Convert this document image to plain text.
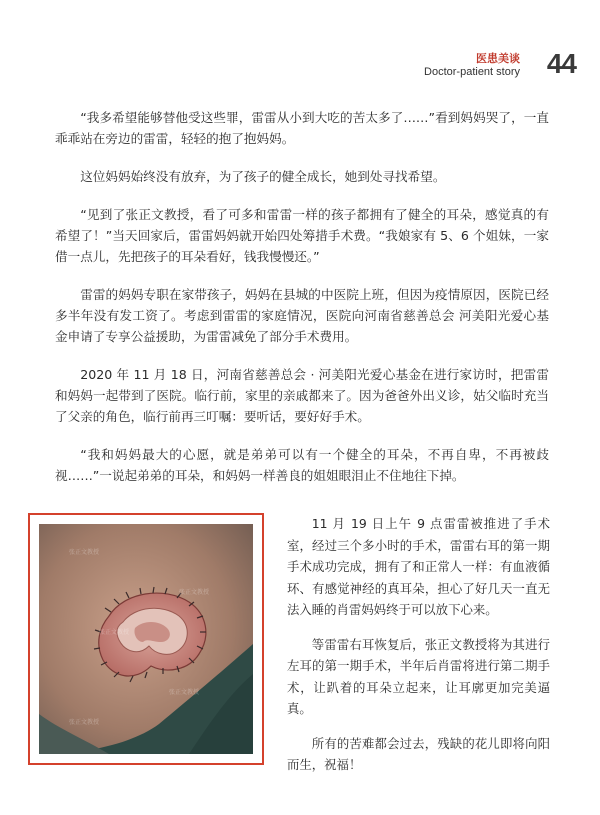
医患美谈
Doctor-patient story 44

“我多希望能够替他受这些罪，雷雷从小到大吃的苦太多了……”看到妈妈哭了，一直乖乖站在旁边的雷雷，轻轻的抱了抱妈妈。

这位妈妈始终没有放弃，为了孩子的健全成长，她到处寻找希望。

“见到了张正文教授，看了可多和雷雷一样的孩子都拥有了健全的耳朵，感觉真的有希望了！”当天回家后，雷雷妈妈就开始四处筹措手术费。“我娘家有 5、6 个姐妹，一家借一点儿，先把孩子的耳朵看好，钱我慢慢还。”

雷雷的妈妈专职在家带孩子，妈妈在县城的中医院上班，但因为疫情原因，医院已经多半年没有发工资了。考虑到雷雷的家庭情况，医院向河南省慈善总会 河美阳光爱心基金申请了专享公益援助，为雷雷减免了部分手术费用。

2020 年 11 月 18 日，河南省慈善总会 · 河美阳光爱心基金在进行家访时，把雷雷和妈妈一起带到了医院。临行前，家里的亲戚都来了。因为爸爸外出义诊，姑父临时充当了父亲的角色，临行前再三叮嘱：要听话，要好好手术。

“我和妈妈最大的心愿，就是弟弟可以有一个健全的耳朵，不再自卑，不再被歧视……”一说起弟弟的耳朵，和妈妈一样善良的姐姐眼泪止不住地往下掉。

张正文教授
张正文教授
张正文教授
张正文教授
张正文教授

11 月 19 日上午 9 点雷雷被推进了手术室，经过三个多小时的手术，雷雷右耳的第一期手术成功完成，拥有了和正常人一样：有血液循环、有感觉神经的真耳朵，担心了好几天一直无法入睡的肖雷妈妈终于可以放下心来。

等雷雷右耳恢复后，张正文教授将为其进行左耳的第一期手术，半年后肖雷将进行第二期手术，让趴着的耳朵立起来，让耳廓更加完美逼真。

所有的苦难都会过去，残缺的花儿即将向阳而生，祝福！
